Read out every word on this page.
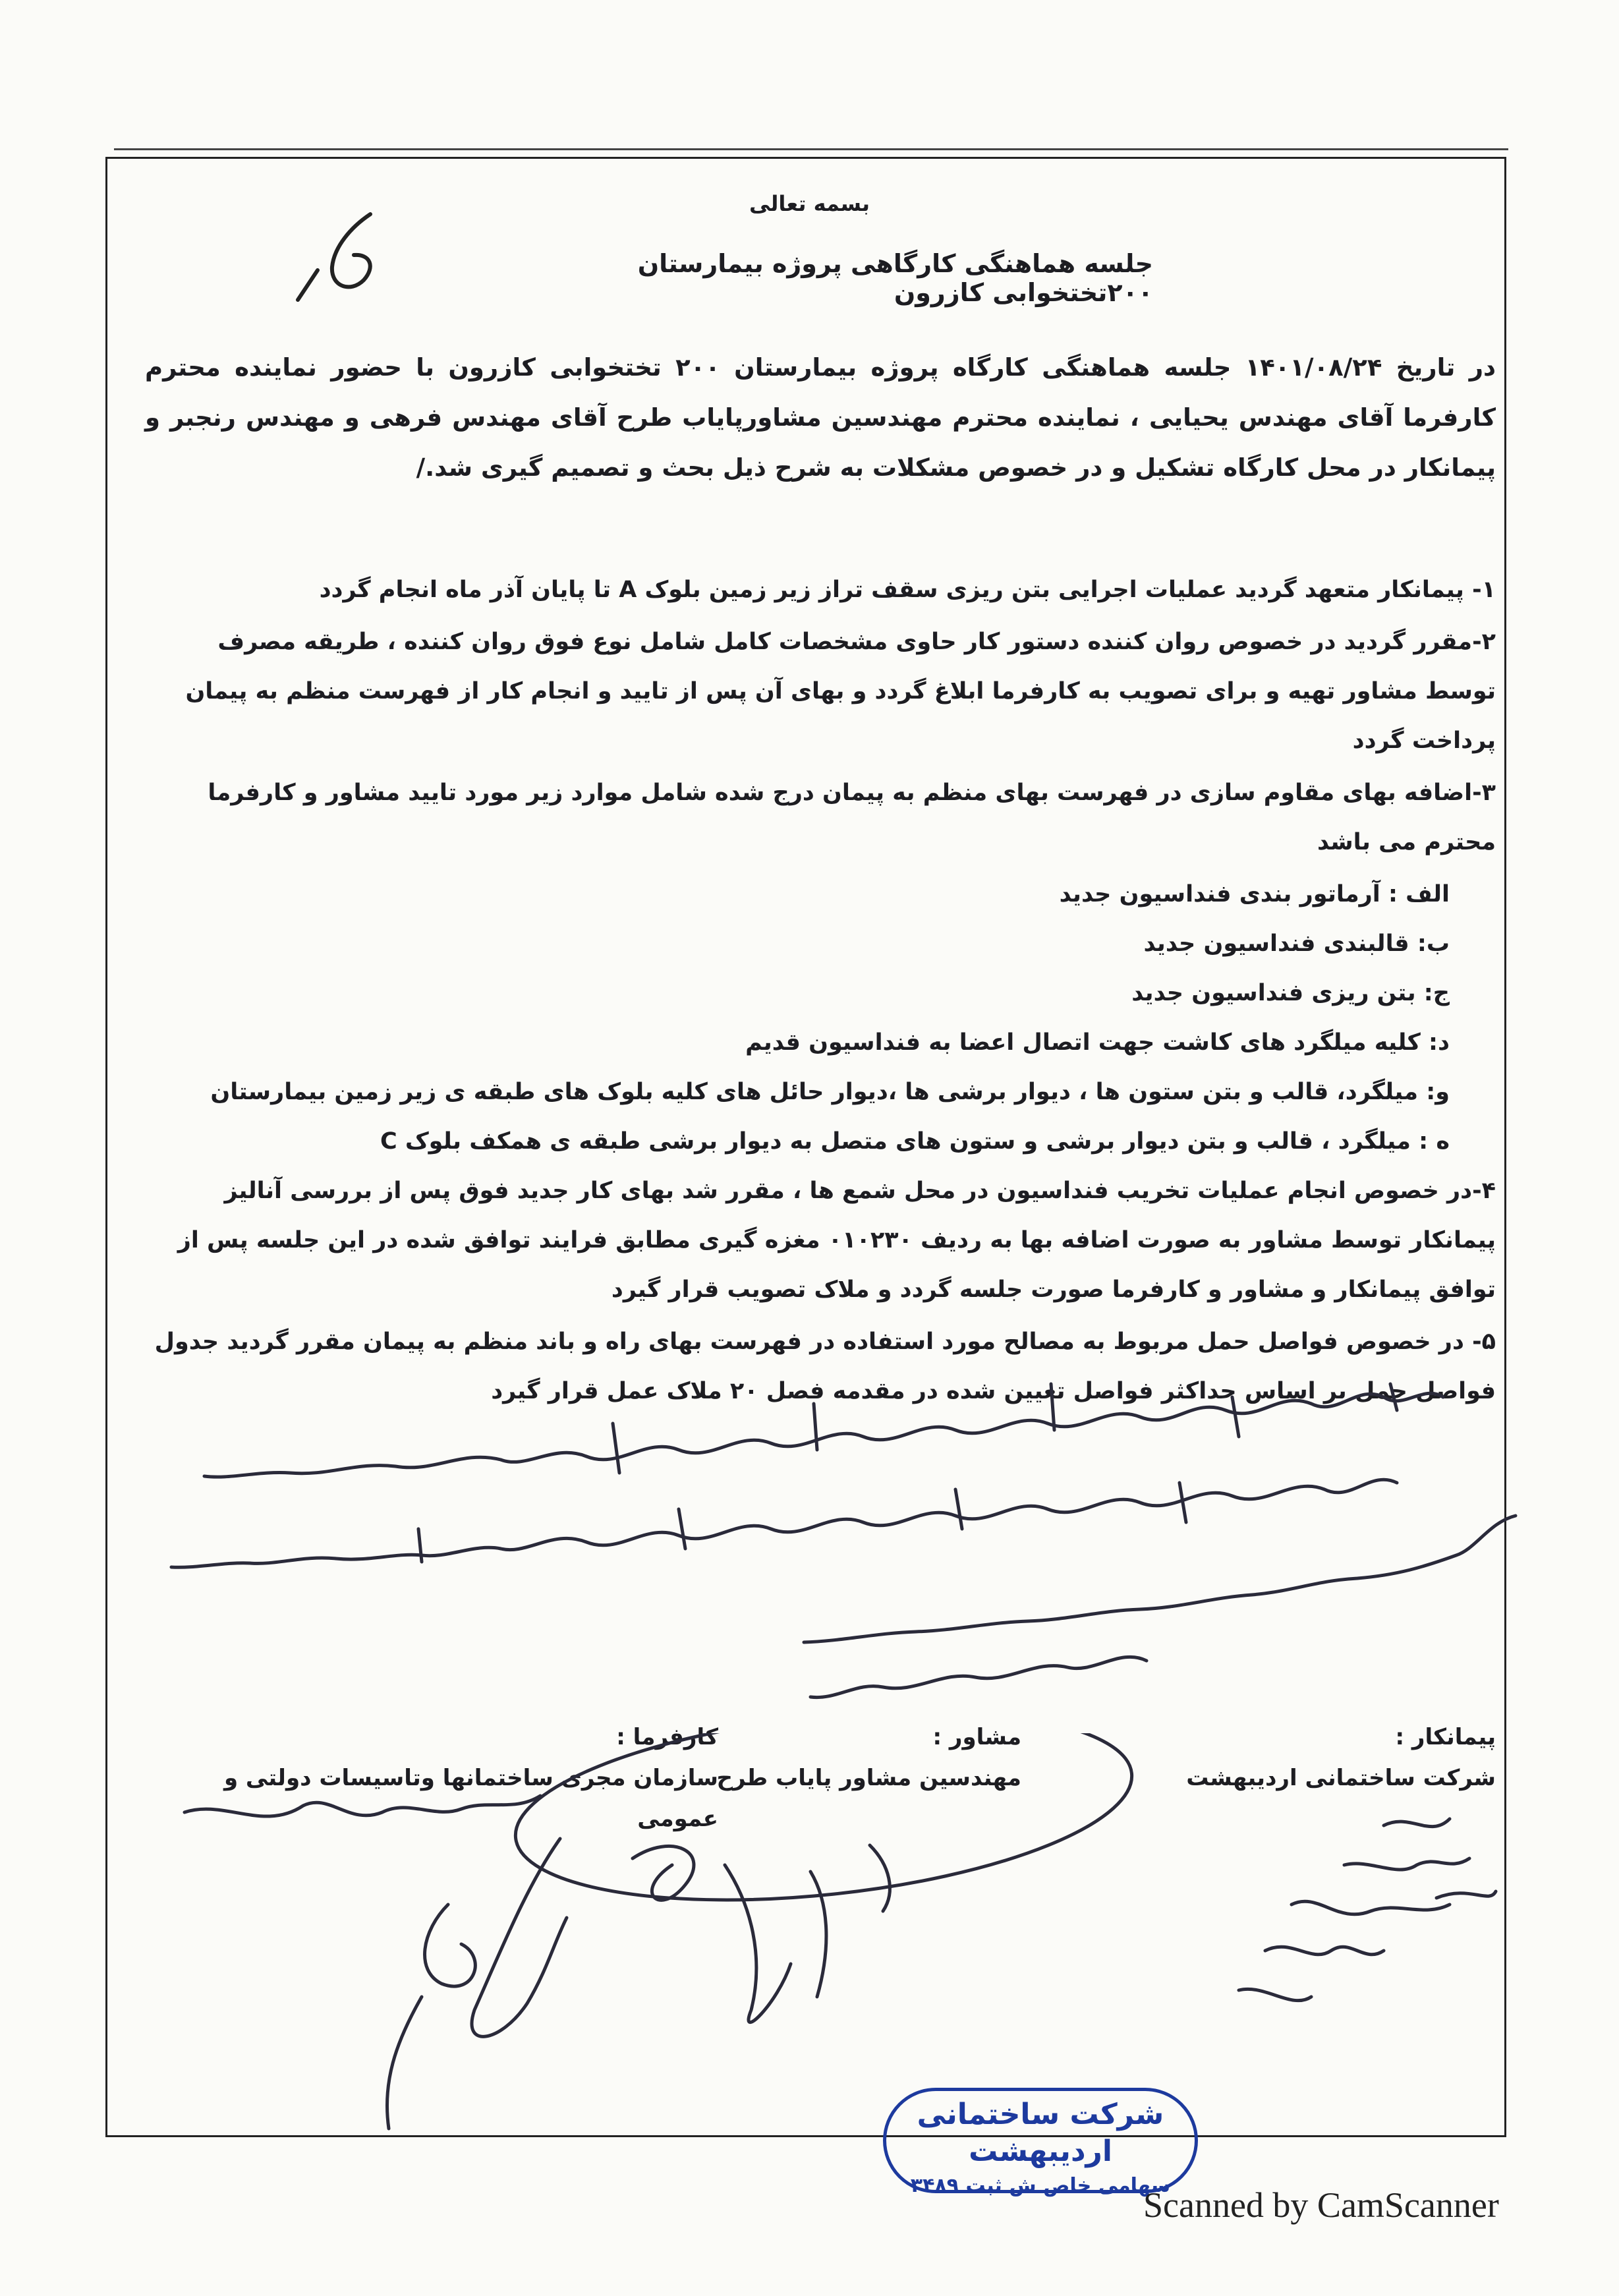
بسمه تعالی
جلسه هماهنگی کارگاهی پروژه بیمارستان ۲۰۰تختخوابی کازرون
در تاریخ ۱۴۰۱/۰۸/۲۴ جلسه هماهنگی کارگاه پروژه بیمارستان ۲۰۰ تختخوابی کازرون با حضور نماینده محترم کارفرما آقای مهندس یحیایی ، نماینده محترم مهندسین مشاورپایاب طرح آقای مهندس فرهی و مهندس رنجبر و پیمانکار در محل کارگاه تشکیل و در خصوص مشکلات به شرح ذیل بحث و تصمیم گیری شد./
۱- پیمانکار متعهد گردید عملیات اجرایی بتن ریزی سقف تراز زیر زمین بلوک A تا پایان آذر ماه انجام گردد
۲-مقرر گردید در خصوص روان کننده دستور کار حاوی مشخصات کامل شامل نوع فوق روان کننده ، طریقه مصرف توسط مشاور تهیه و برای تصویب به کارفرما ابلاغ گردد و بهای آن پس از تایید و انجام کار از فهرست منظم به پیمان پرداخت گردد
۳-اضافه بهای مقاوم سازی در فهرست بهای منظم به پیمان درج شده شامل موارد زیر مورد تایید مشاور و کارفرما محترم می باشد
الف : آرماتور بندی فنداسیون جدید
ب: قالبندی فنداسیون جدید
ج: بتن ریزی فنداسیون جدید
د: کلیه میلگرد های کاشت جهت اتصال اعضا به فنداسیون قدیم
و: میلگرد، قالب و بتن ستون ها ، دیوار برشی ها ،دیوار حائل های کلیه بلوک های طبقه ی زیر زمین بیمارستان
ه : میلگرد ، قالب و بتن دیوار برشی و ستون های متصل به دیوار برشی طبقه ی همکف بلوک C
۴-در خصوص انجام عملیات تخریب فنداسیون در محل شمع ها ، مقرر شد بهای کار جدید فوق پس از بررسی آنالیز پیمانکار توسط مشاور به صورت اضافه بها به ردیف ۰۱۰۲۳۰ مغزه گیری مطابق فرایند توافق شده در این جلسه پس از توافق پیمانکار و مشاور و کارفرما صورت جلسه گردد و ملاک تصویب قرار گیرد
۵- در خصوص فواصل حمل مربوط به مصالح مورد استفاده در فهرست بهای راه و باند منظم به پیمان مقرر گردید جدول فواصل حمل بر اساس حداکثر فواصل تعیین شده در مقدمه فصل ۲۰ ملاک عمل قرار گیرد
پیمانکار :
شرکت ساختمانی اردیبهشت
مشاور :
مهندسین مشاور پایاب طرح
کارفرما :
سازمان مجری ساختمانها وتاسیسات دولتی و عمومی
شرکت ساختمانی اردیبهشت
سهامی خاص ش ثبت ۳۴۸۹
Scanned by CamScanner
